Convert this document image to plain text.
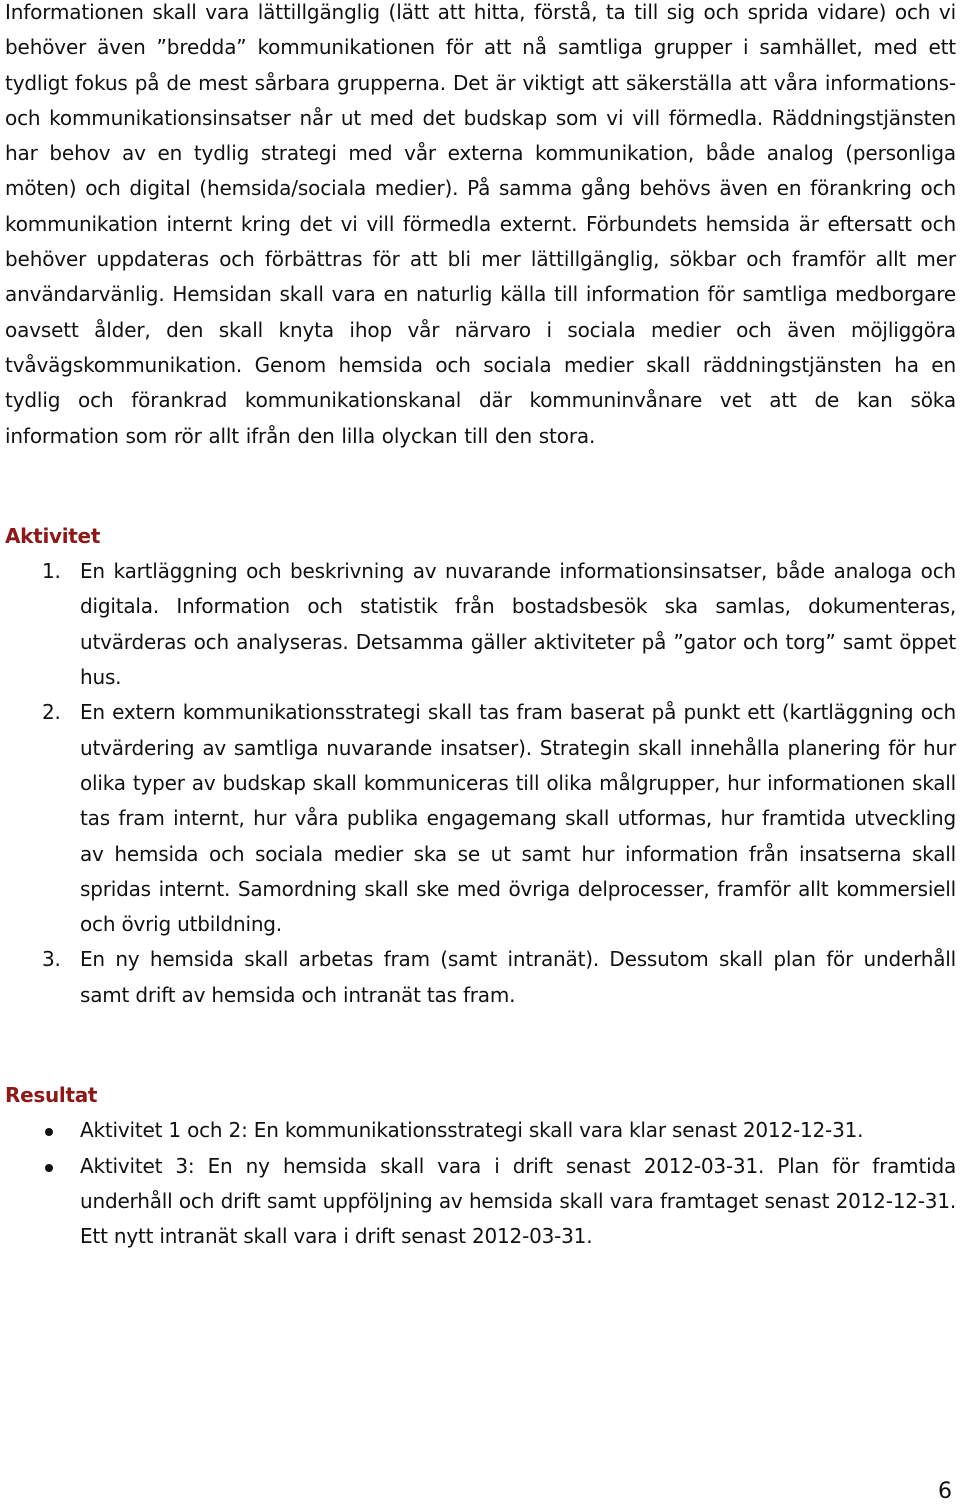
Informationen skall vara lättillgänglig (lätt att hitta, förstå, ta till sig och sprida vidare) och vi behöver även ”bredda” kommunikationen för att nå samtliga grupper i samhället, med ett tydligt fokus på de mest sårbara grupperna. Det är viktigt att säkerställa att våra informations- och kommunikationsinsatser når ut med det budskap som vi vill förmedla. Räddningstjänsten har behov av en tydlig strategi med vår externa kommunikation, både analog (personliga möten) och digital (hemsida/sociala medier). På samma gång behövs även en förankring och kommunikation internt kring det vi vill förmedla externt. Förbundets hemsida är eftersatt och behöver uppdateras och förbättras för att bli mer lättillgänglig, sökbar och framför allt mer användarvänlig. Hemsidan skall vara en naturlig källa till information för samtliga medborgare oavsett ålder, den skall knyta ihop vår närvaro i sociala medier och även möjliggöra tvåvägskommunikation. Genom hemsida och sociala medier skall räddningstjänsten ha en tydlig och förankrad kommunikationskanal där kommuninvånare vet att de kan söka information som rör allt ifrån den lilla olyckan till den stora.

Aktivitet
1. En kartläggning och beskrivning av nuvarande informationsinsatser, både analoga och digitala. Information och statistik från bostadsbesök ska samlas, dokumenteras, utvärderas och analyseras. Detsamma gäller aktiviteter på ”gator och torg” samt öppet hus.
2. En extern kommunikationsstrategi skall tas fram baserat på punkt ett (kartläggning och utvärdering av samtliga nuvarande insatser). Strategin skall innehålla planering för hur olika typer av budskap skall kommuniceras till olika målgrupper, hur informationen skall tas fram internt, hur våra publika engagemang skall utformas, hur framtida utveckling av hemsida och sociala medier ska se ut samt hur information från insatserna skall spridas internt. Samordning skall ske med övriga delprocesser, framför allt kommersiell och övrig utbildning.
3. En ny hemsida skall arbetas fram (samt intranät). Dessutom skall plan för underhåll samt drift av hemsida och intranät tas fram.
Resultat
Aktivitet 1 och 2: En kommunikationsstrategi skall vara klar senast 2012-12-31.
Aktivitet 3: En ny hemsida skall vara i drift senast 2012-03-31. Plan för framtida underhåll och drift samt uppföljning av hemsida skall vara framtaget senast 2012-12-31. Ett nytt intranät skall vara i drift senast 2012-03-31.
6
